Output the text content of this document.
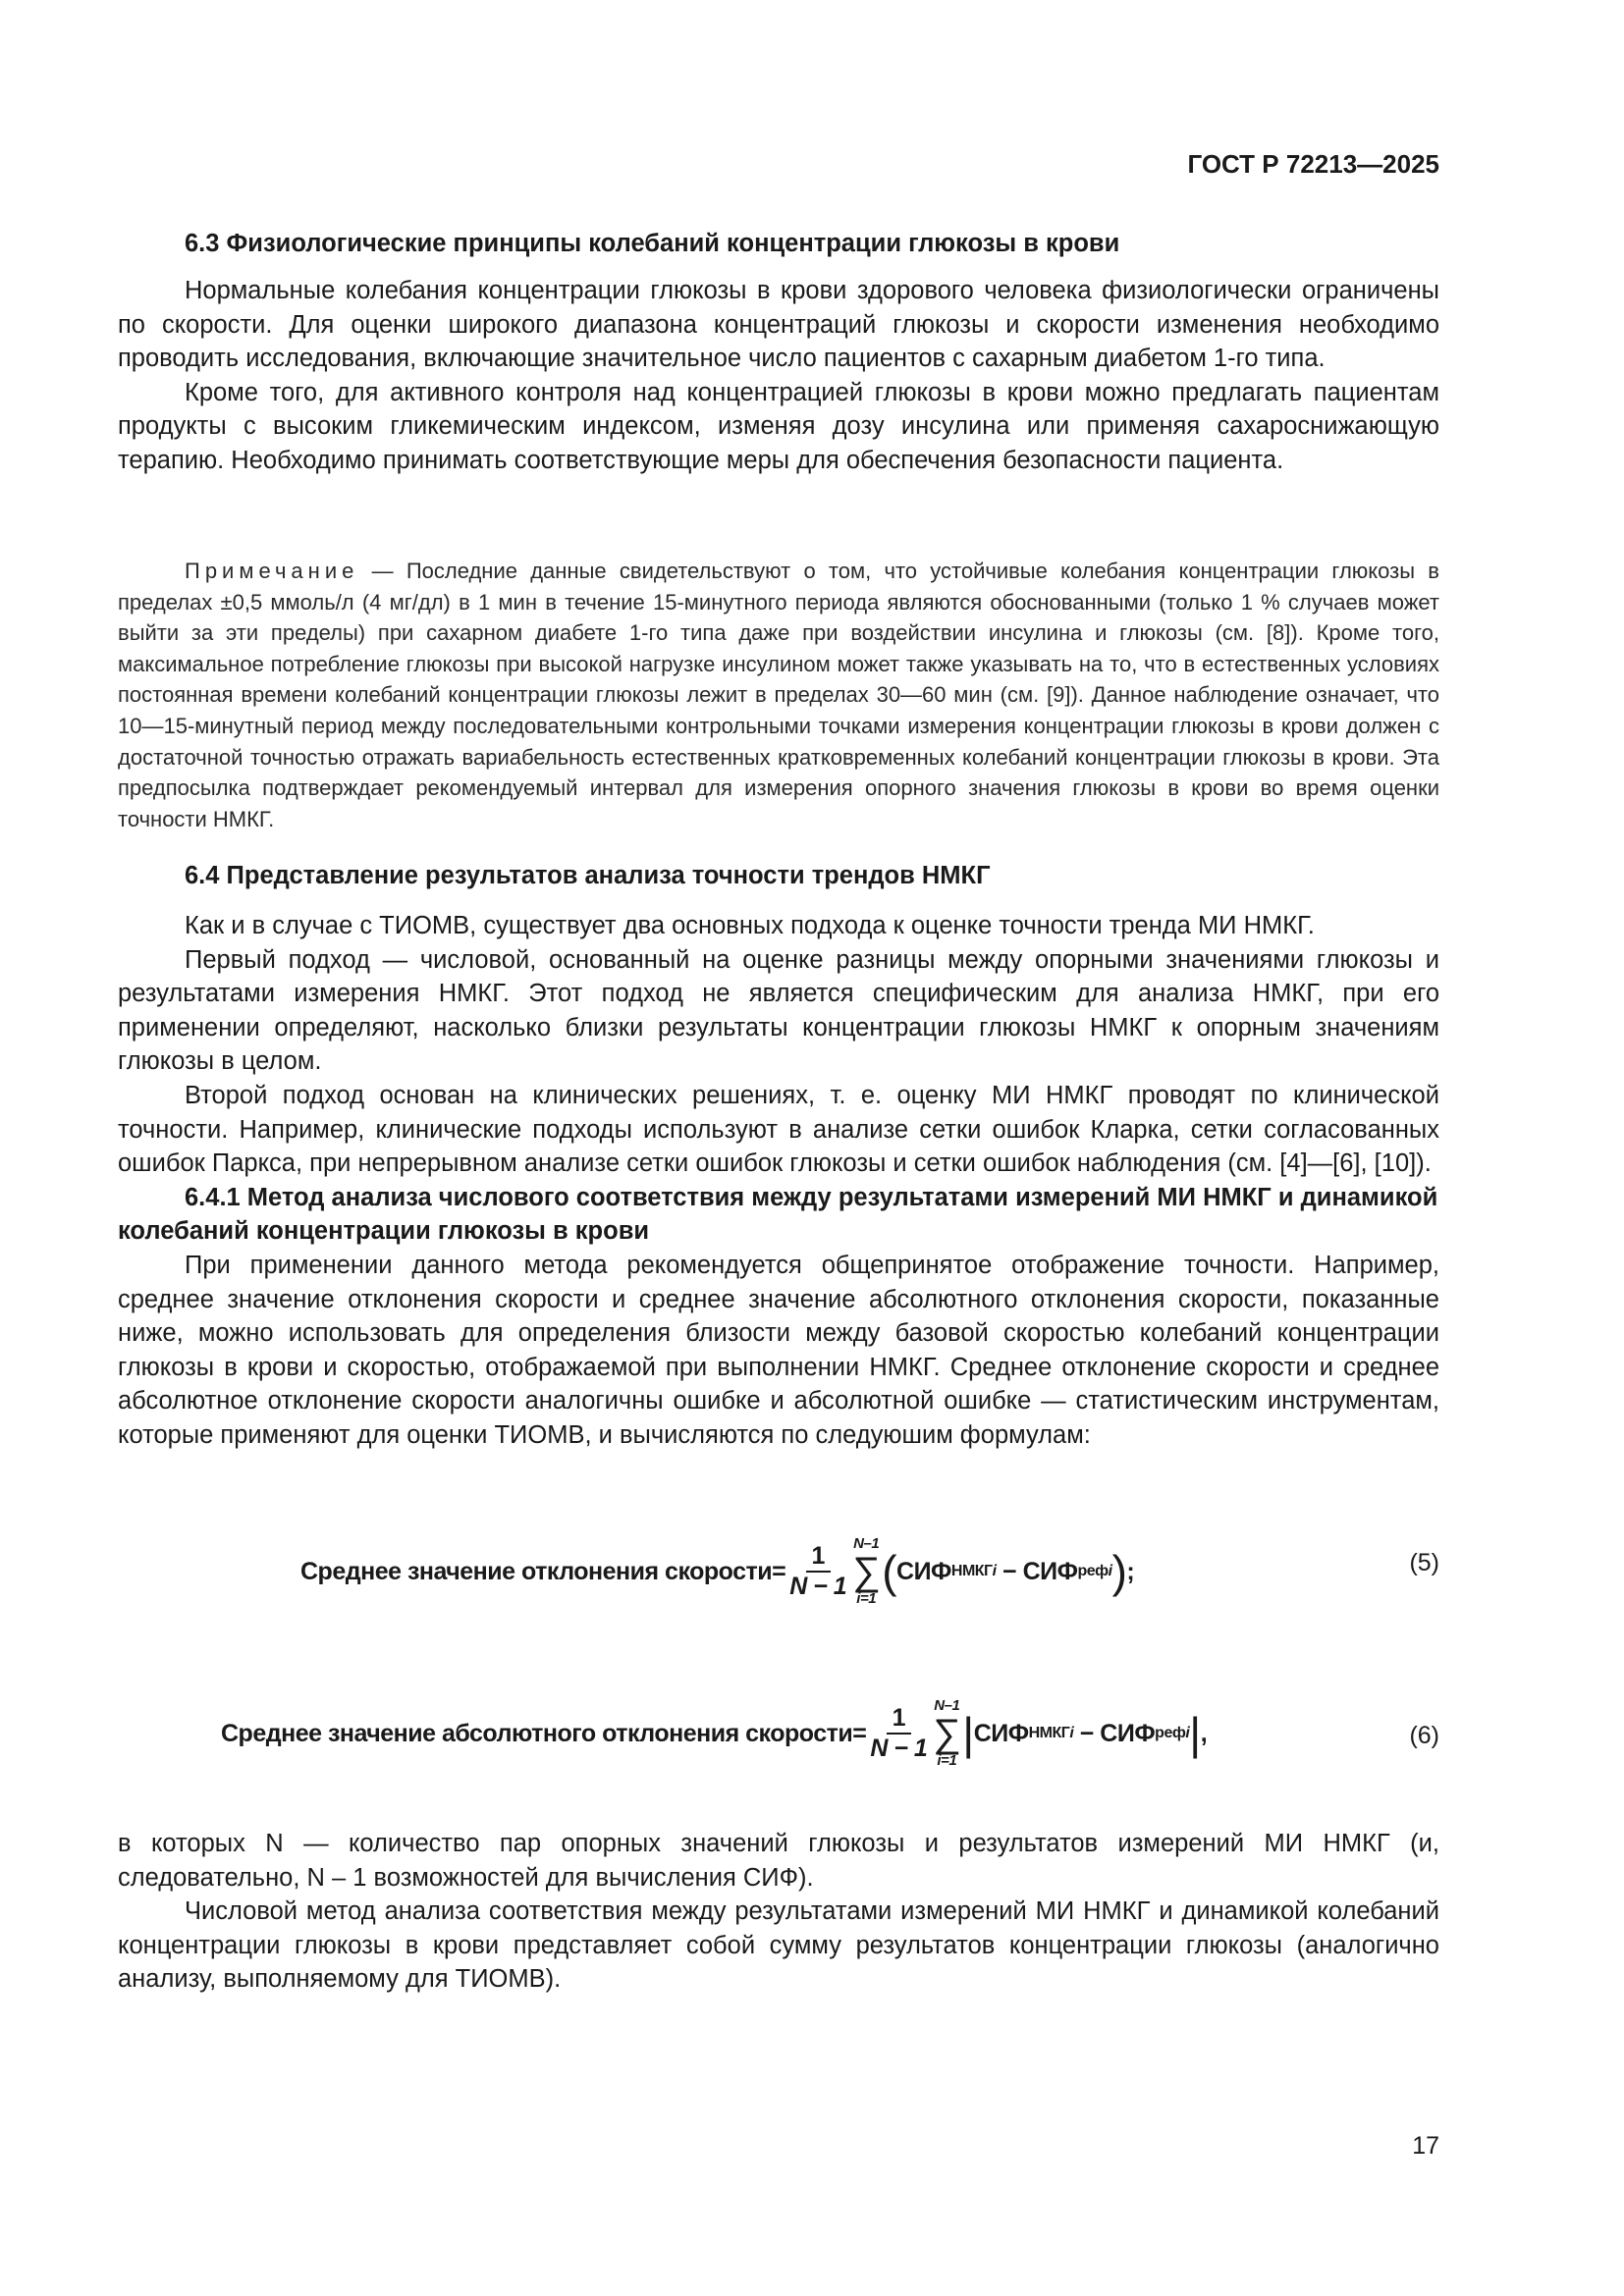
ГОСТ Р 72213—2025

6.3 Физиологические принципы колебаний концентрации глюкозы в крови

Нормальные колебания концентрации глюкозы в крови здорового человека физиологически ограничены по скорости. Для оценки широкого диапазона концентраций глюкозы и скорости изменения необходимо проводить исследования, включающие значительное число пациентов с сахарным диабетом 1-го типа.

Кроме того, для активного контроля над концентрацией глюкозы в крови можно предлагать пациентам продукты с высоким гликемическим индексом, изменяя дозу инсулина или применяя сахароснижающую терапию. Необходимо принимать соответствующие меры для обеспечения безопасности пациента.

Примечание — Последние данные свидетельствуют о том, что устойчивые колебания концентрации глюкозы в пределах ±0,5 ммоль/л (4 мг/дл) в 1 мин в течение 15-минутного периода являются обоснованными (только 1 % случаев может выйти за эти пределы) при сахарном диабете 1-го типа даже при воздействии инсулина и глюкозы (см. [8]). Кроме того, максимальное потребление глюкозы при высокой нагрузке инсулином может также указывать на то, что в естественных условиях постоянная времени колебаний концентрации глюкозы лежит в пределах 30—60 мин (см. [9]). Данное наблюдение означает, что 10—15-минутный период между последовательными контрольными точками измерения концентрации глюкозы в крови должен с достаточной точностью отражать вариабельность естественных кратковременных колебаний концентрации глюкозы в крови. Эта предпосылка подтверждает рекомендуемый интервал для измерения опорного значения глюкозы в крови во время оценки точности НМКГ.

6.4 Представление результатов анализа точности трендов НМКГ

Как и в случае с ТИОМВ, существует два основных подхода к оценке точности тренда МИ НМКГ.

Первый подход — числовой, основанный на оценке разницы между опорными значениями глюкозы и результатами измерения НМКГ. Этот подход не является специфическим для анализа НМКГ, при его применении определяют, насколько близки результаты концентрации глюкозы НМКГ к опорным значениям глюкозы в целом.

Второй подход основан на клинических решениях, т. е. оценку МИ НМКГ проводят по клинической точности. Например, клинические подходы используют в анализе сетки ошибок Кларка, сетки согласованных ошибок Паркса, при непрерывном анализе сетки ошибок глюкозы и сетки ошибок наблюдения (см. [4]—[6], [10]).

6.4.1 Метод анализа числового соответствия между результатами измерений МИ НМКГ и динамикой колебаний концентрации глюкозы в крови

При применении данного метода рекомендуется общепринятое отображение точности. Например, среднее значение отклонения скорости и среднее значение абсолютного отклонения скорости, показанные ниже, можно использовать для определения близости между базовой скоростью колебаний концентрации глюкозы в крови и скоростью, отображаемой при выполнении НМКГ. Среднее отклонение скорости и среднее абсолютное отклонение скорости аналогичны ошибке и абсолютной ошибке — статистическим инструментам, которые применяют для оценки ТИОМВ, и вычисляются по следуюшим формулам:

Среднее значение отклонения скорости = $\frac{1}{N - 1} N-1$
∑
i=1
( СИФ НМКГi − СИФ рефi ) ;	(5)
Среднее значение абсолютного отклонения скорости = $\frac{1}{N - 1} N-1$
∑
i=1
| СИФ НМКГi − СИФ рефi | ,	(6)

в которых N — количество пар опорных значений глюкозы и результатов измерений МИ НМКГ (и, следовательно, N – 1 возможностей для вычисления СИФ).

Числовой метод анализа соответствия между результатами измерений МИ НМКГ и динамикой колебаний концентрации глюкозы в крови представляет собой сумму результатов концентрации глюкозы (аналогично анализу, выполняемому для ТИОМВ).

17
